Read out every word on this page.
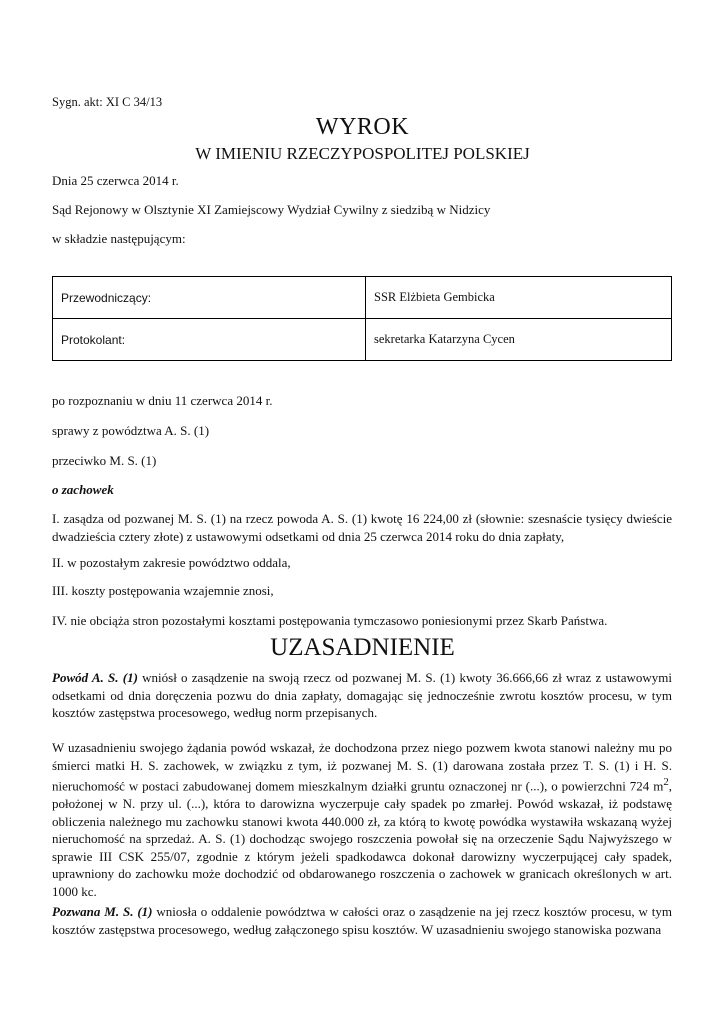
Sygn. akt: XI C 34/13

WYROK
W IMIENIU RZECZYPOSPOLITEJ POLSKIEJ

Dnia 25 czerwca 2014 r.

Sąd Rejonowy w Olsztynie XI Zamiejscowy Wydział Cywilny z siedzibą w Nidzicy

w składzie następującym:

Przewodniczący:	SSR Elżbieta Gembicka
Protokolant:	sekretarka Katarzyna Cycen

po rozpoznaniu w dniu 11 czerwca 2014 r.

sprawy z powództwa A. S. (1)

przeciwko M. S. (1)

o zachowek

I. zasądza od pozwanej M. S. (1) na rzecz powoda A. S. (1) kwotę 16 224,00 zł (słownie: szesnaście tysięcy dwieście dwadzieścia cztery złote) z ustawowymi odsetkami od dnia 25 czerwca 2014 roku do dnia zapłaty,

II. w pozostałym zakresie powództwo oddala,

III. koszty postępowania wzajemnie znosi,

IV. nie obciąża stron pozostałymi kosztami postępowania tymczasowo poniesionymi przez Skarb Państwa.

UZASADNIENIE

Powód A. S. (1) wniósł o zasądzenie na swoją rzecz od pozwanej M. S. (1) kwoty 36.666,66 zł wraz z ustawowymi odsetkami od dnia doręczenia pozwu do dnia zapłaty, domagając się jednocześnie zwrotu kosztów procesu, w tym kosztów zastępstwa procesowego, według norm przepisanych.

W uzasadnieniu swojego żądania powód wskazał, że dochodzona przez niego pozwem kwota stanowi należny mu po śmierci matki H. S. zachowek, w związku z tym, iż pozwanej M. S. (1) darowana została przez T. S. (1) i H. S. nieruchomość w postaci zabudowanej domem mieszkalnym działki gruntu oznaczonej nr (...), o powierzchni 724 $m^2$, położonej w N. przy ul. (...), która to darowizna wyczerpuje cały spadek po zmarłej. Powód wskazał, iż podstawę obliczenia należnego mu zachowku stanowi kwota 440.000 zł, za którą to kwotę powódka wystawiła wskazaną wyżej nieruchomość na sprzedaż. A. S. (1) dochodząc swojego roszczenia powołał się na orzeczenie Sądu Najwyższego w sprawie III CSK 255/07, zgodnie z którym jeżeli spadkodawca dokonał darowizny wyczerpującej cały spadek, uprawniony do zachowku może dochodzić od obdarowanego roszczenia o zachowek w granicach określonych w art. 1000 kc.

Pozwana M. S. (1) wniosła o oddalenie powództwa w całości oraz o zasądzenie na jej rzecz kosztów procesu, w tym kosztów zastępstwa procesowego, według załączonego spisu kosztów. W uzasadnieniu swojego stanowiska pozwana
